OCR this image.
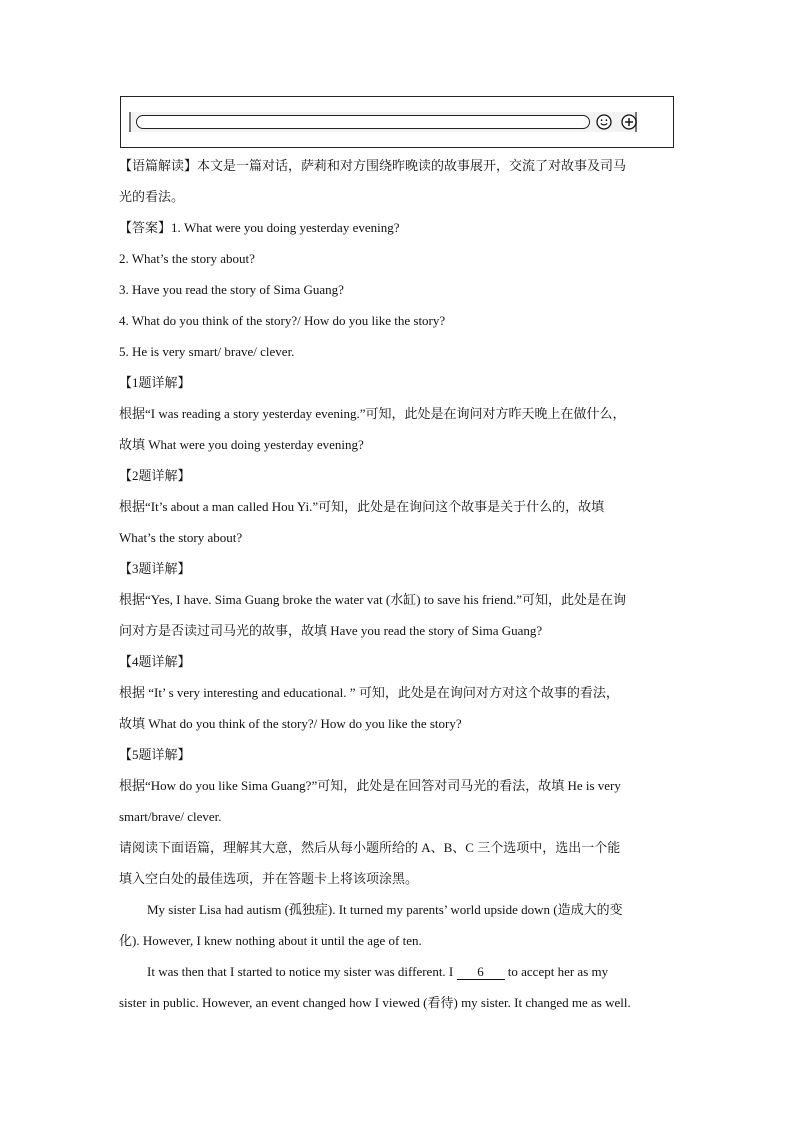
【语篇解读】本文是一篇对话，萨莉和对方围绕昨晚读的故事展开，交流了对故事及司马
光的看法。
【答案】1. What were you doing yesterday evening?
2. What’s the story about?
3. Have you read the story of Sima Guang?
4. What do you think of the story?/ How do you like the story?
5. He is very smart/ brave/ clever.
【1题详解】
根据“I was reading a story yesterday evening.”可知，此处是在询问对方昨天晚上在做什么，
故填 What were you doing yesterday evening?
【2题详解】
根据“It’s about a man called Hou Yi.”可知，此处是在询问这个故事是关于什么的，故填
What’s the story about?
【3题详解】
根据“Yes, I have. Sima Guang broke the water vat (水缸) to save his friend.”可知，此处是在询
问对方是否读过司马光的故事，故填 Have you read the story of Sima Guang?
【4题详解】
根据 “It’ s very interesting and educational. ” 可知，此处是在询问对方对这个故事的看法，
故填 What do you think of the story?/ How do you like the story?
【5题详解】
根据“How do you like Sima Guang?”可知，此处是在回答对司马光的看法，故填 He is very
smart/brave/ clever.
请阅读下面语篇，理解其大意，然后从每小题所给的 A、B、C 三个选项中，选出一个能
填入空白处的最佳选项，并在答题卡上将该项涂黑。
My sister Lisa had autism (孤独症). It turned my parents’ world upside down (造成大的变
化). However, I knew nothing about it until the age of ten.
It was then that I started to notice my sister was different. I 6 to accept her as my
sister in public. However, an event changed how I viewed (看待) my sister. It changed me as well.
